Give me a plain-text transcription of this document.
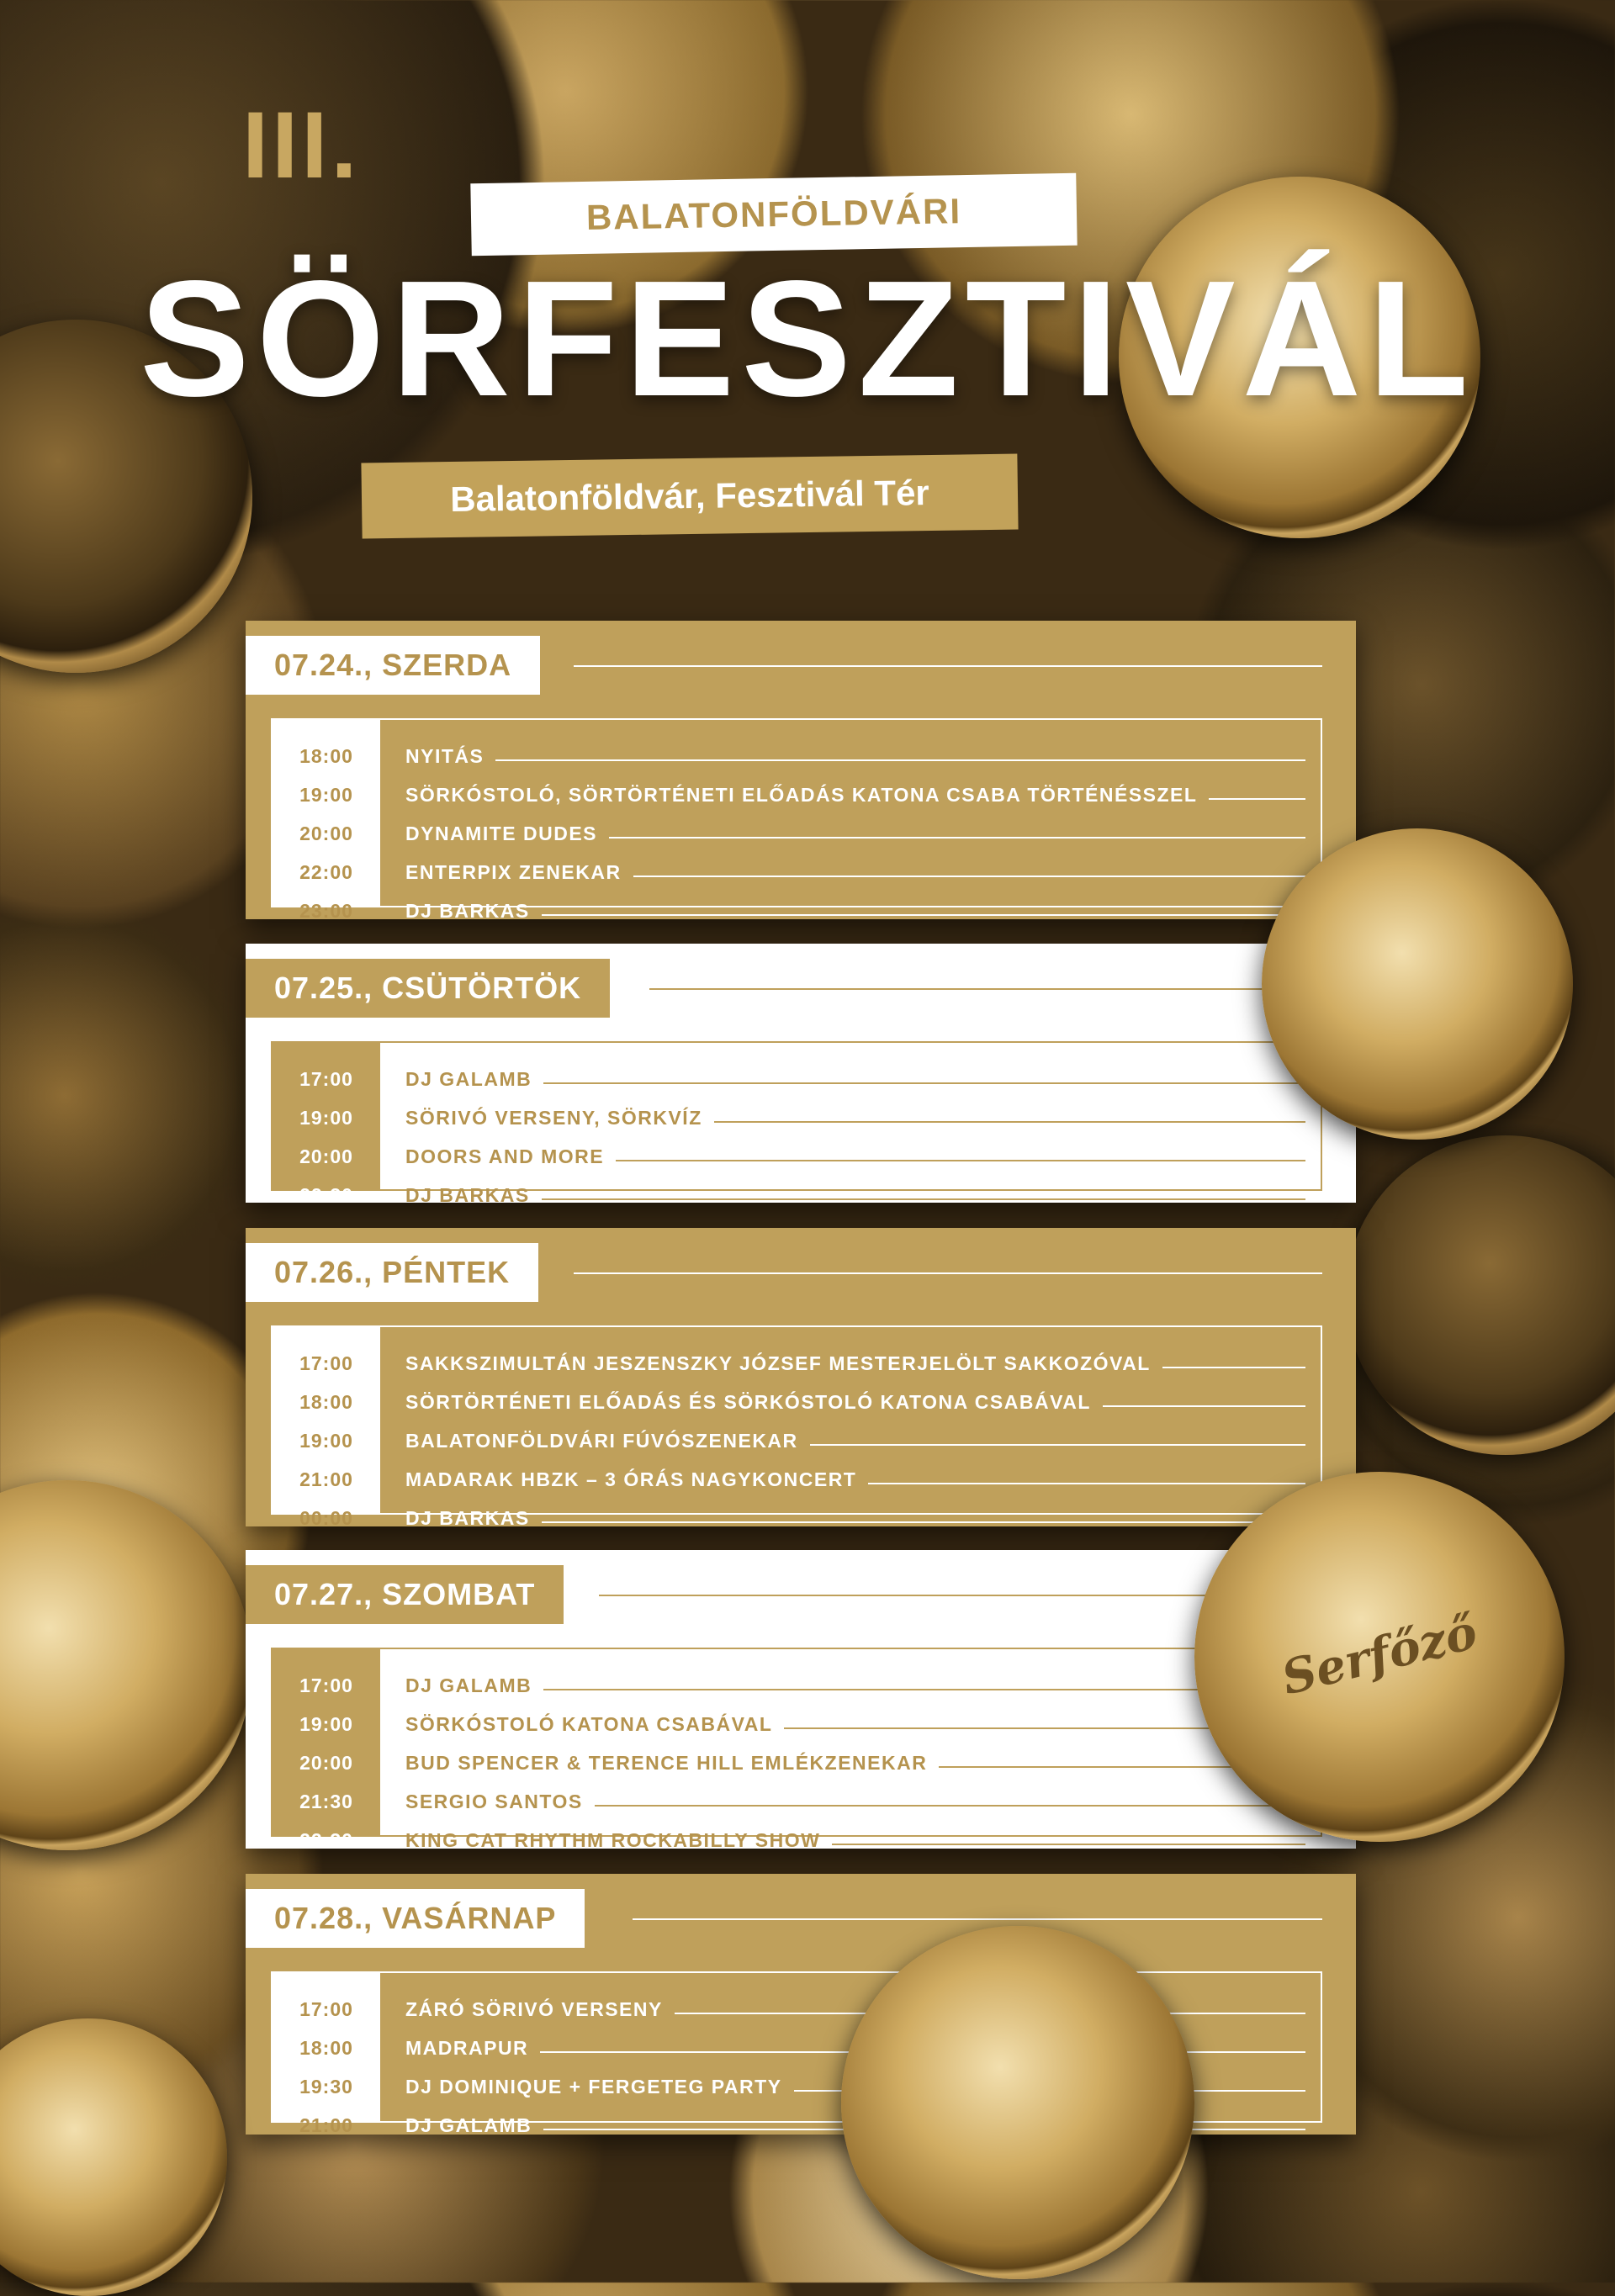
III.
BALATONFÖLDVÁRI
SÖRFESZTIVÁL
Balatonföldvár, Fesztivál Tér
07.24., SZERDA
18:00	NYITÁS
19:00	SÖRKÓSTOLÓ, SÖRTÖRTÉNETI ELŐADÁS KATONA CSABA TÖRTÉNÉSSZEL
20:00	DYNAMITE DUDES
22:00	ENTERPIX ZENEKAR
23:00	DJ BARKAS
07.25., CSÜTÖRTÖK
17:00	DJ GALAMB
19:00	SÖRIVÓ VERSENY, SÖRKVÍZ
20:00	DOORS AND MORE
22:30	DJ BARKAS
07.26., PÉNTEK
17:00	SAKKSZIMULTÁN JESZENSZKY JÓZSEF MESTERJELÖLT SAKKOZÓVAL
18:00	SÖRTÖRTÉNETI ELŐADÁS ÉS SÖRKÓSTOLÓ KATONA CSABÁVAL
19:00	BALATONFÖLDVÁRI FÚVÓSZENEKAR
21:00	MADARAK HBZK – 3 ÓRÁS NAGYKONCERT
00:00	DJ BARKAS
07.27., SZOMBAT
17:00	DJ GALAMB
19:00	SÖRKÓSTOLÓ KATONA CSABÁVAL
20:00	BUD SPENCER & TERENCE HILL EMLÉKZENEKAR
21:30	SERGIO SANTOS
22:30	KING CAT RHYTHM ROCKABILLY SHOW
07.28., VASÁRNAP
17:00	ZÁRÓ SÖRIVÓ VERSENY
18:00	MADRAPUR
19:30	DJ DOMINIQUE + FERGETEG PARTY
21:00	DJ GALAMB
Serfőző
